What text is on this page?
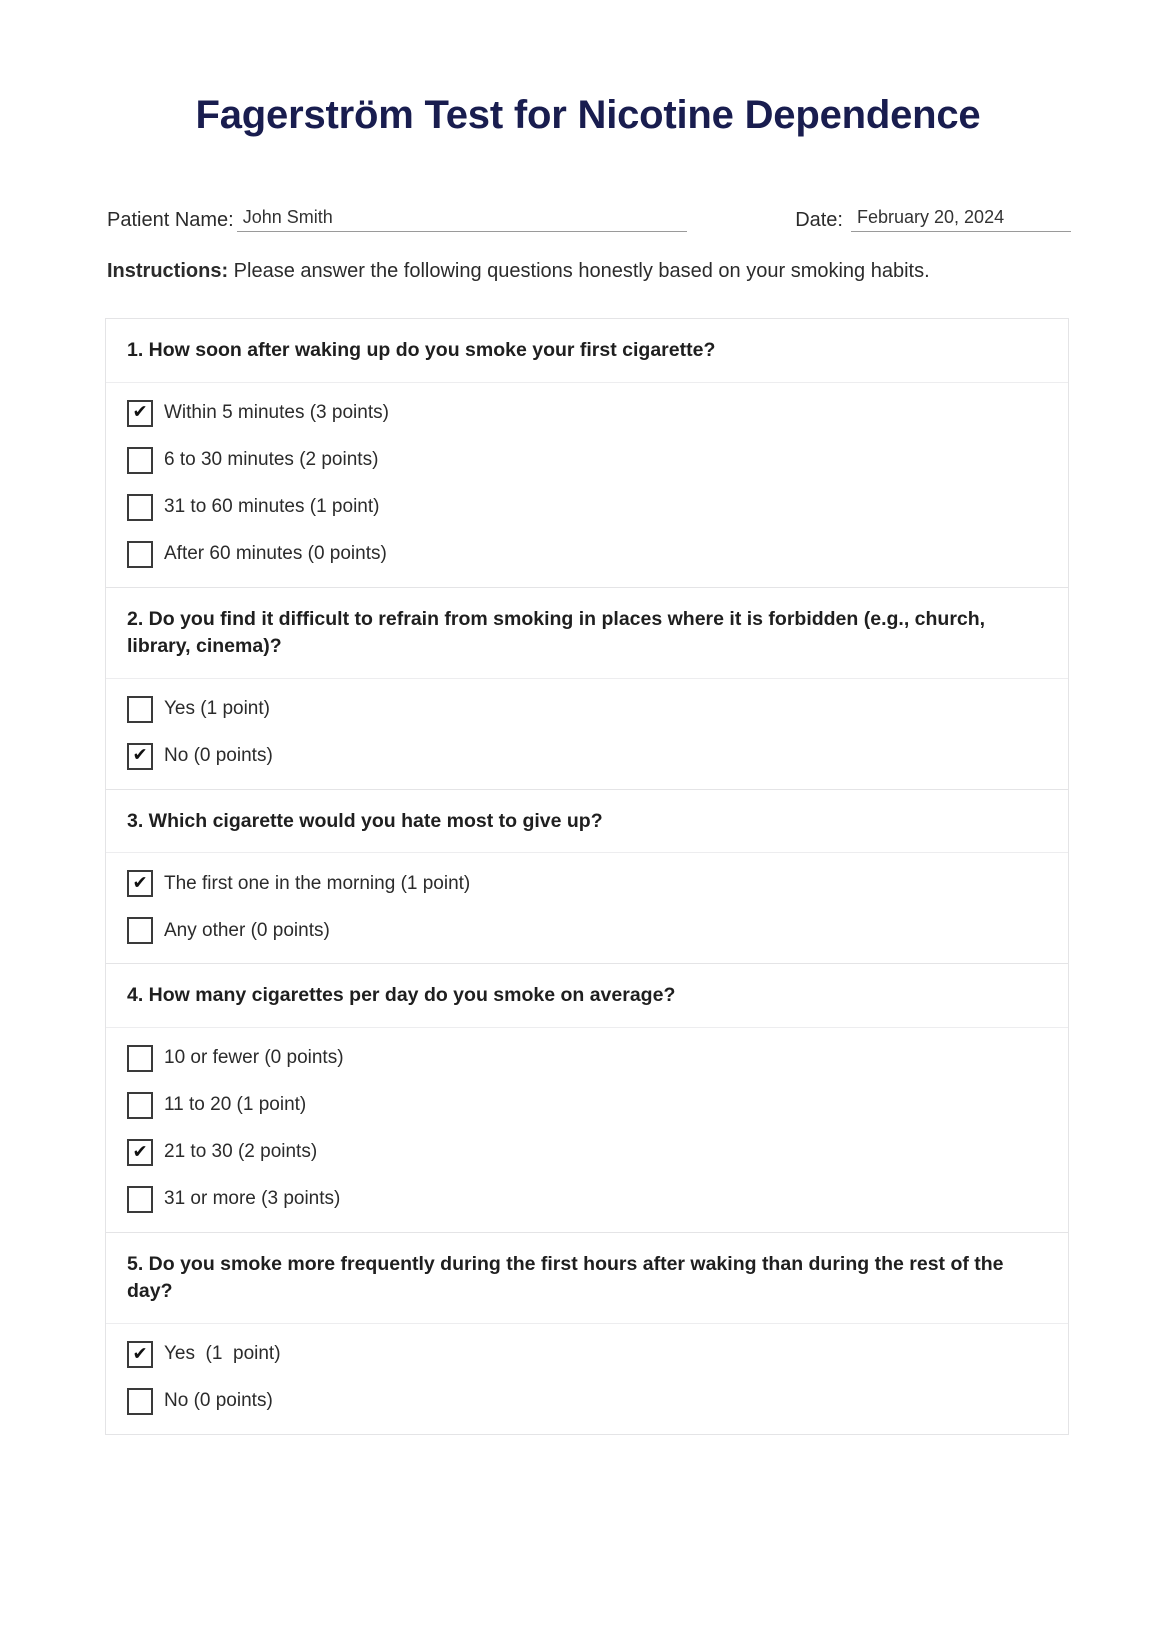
Fagerström Test for Nicotine Dependence
Patient Name: John Smith	Date: February 20, 2024

Instructions: Please answer the following questions honestly based on your smoking habits.

1. How soon after waking up do you smoke your first cigarette?
✔
Within 5 minutes (3 points)
6 to 30 minutes (2 points)
31 to 60 minutes (1 point)
After 60 minutes (0 points)
2. Do you find it difficult to refrain from smoking in places where it is forbidden (e.g., church, library, cinema)?
Yes (1 point)
✔
No (0 points)
3. Which cigarette would you hate most to give up?
✔
The first one in the morning (1 point)
Any other (0 points)
4. How many cigarettes per day do you smoke on average?
10 or fewer (0 points)
11 to 20 (1 point)
✔
21 to 30 (2 points)
31 or more (3 points)
5. Do you smoke more frequently during the first hours after waking than during the rest of the day?
✔
Yes  (1  point)
No (0 points)
